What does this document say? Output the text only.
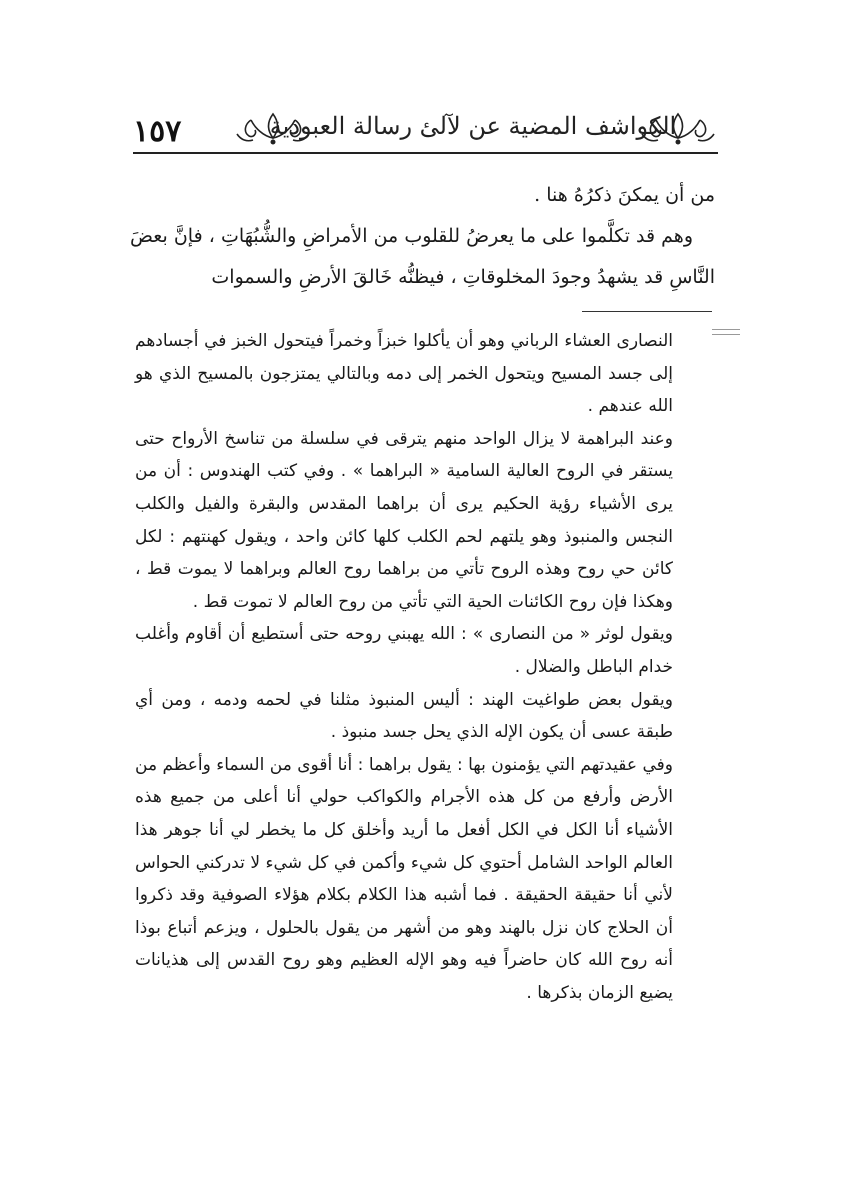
١٥٧	الكواشف المضية عن لآلئ رسالة العبودية

من أن يمكنَ ذكرُهُ هنا .

وهم قد تكلَّموا على ما يعرضُ للقلوب من الأمراضِ والشُّبُهَاتِ ، فإنَّ بعضَ النَّاسِ قد يشهدُ وجودَ المخلوقاتِ ، فيظنُّه خَالقَ الأرضِ والسموات

النصارى العشاء الرباني وهو أن يأكلوا خبزاً وخمراً فيتحول الخبز في أجسادهم إلى جسد المسيح ويتحول الخمر إلى دمه وبالتالي يمتزجون بالمسيح الذي هو الله عندهم .

وعند البراهمة لا يزال الواحد منهم يترقى في سلسلة من تناسخ الأرواح حتى يستقر في الروح العالية السامية « البراهما » . وفي كتب الهندوس : أن من يرى الأشياء رؤية الحكيم يرى أن براهما المقدس والبقرة والفيل والكلب النجس والمنبوذ وهو يلتهم لحم الكلب كلها كائن واحد ، ويقول كهنتهم : لكل كائن حي روح وهذه الروح تأتي من براهما روح العالم وبراهما لا يموت قط ، وهكذا فإن روح الكائنات الحية التي تأتي من روح العالم لا تموت قط .

ويقول لوثر « من النصارى » : الله يهبني روحه حتى أستطيع أن أقاوم وأغلب خدام الباطل والضلال .

ويقول بعض طواغيت الهند : أليس المنبوذ مثلنا في لحمه ودمه ، ومن أي طبقة عسى أن يكون الإله الذي يحل جسد منبوذ .

وفي عقيدتهم التي يؤمنون بها : يقول براهما : أنا أقوى من السماء وأعظم من الأرض وأرفع من كل هذه الأجرام والكواكب حولي أنا أعلى من جميع هذه الأشياء أنا الكل في الكل أفعل ما أريد وأخلق كل ما يخطر لي أنا جوهر هذا العالم الواحد الشامل أحتوي كل شيء وأكمن في كل شيء لا تدركني الحواس لأني أنا حقيقة الحقيقة . فما أشبه هذا الكلام بكلام هؤلاء الصوفية وقد ذكروا أن الحلاج كان نزل بالهند وهو من أشهر من يقول بالحلول ، ويزعم أتباع بوذا أنه روح الله كان حاضراً فيه وهو الإله العظيم وهو روح القدس إلى هذيانات يضيع الزمان بذكرها .
